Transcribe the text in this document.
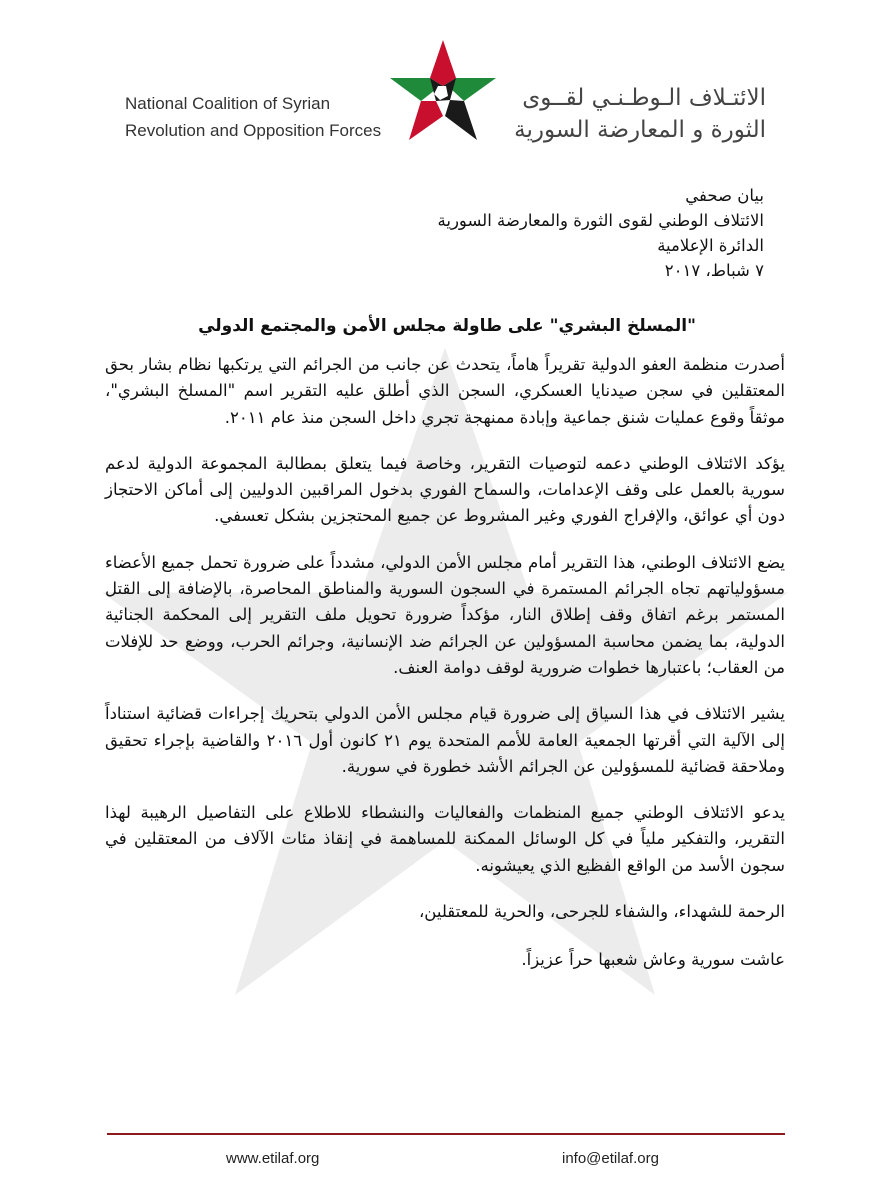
National Coalition of Syrian
Revolution and Opposition Forces
الائتـلاف الـوطـنـي لقــوى
الثورة و المعارضة السورية
بيان صحفي
الائتلاف الوطني لقوى الثورة والمعارضة السورية
الدائرة الإعلامية
٧ شباط، ٢٠١٧
"المسلخ البشري" على طاولة مجلس الأمن والمجتمع الدولي

أصدرت منظمة العفو الدولية تقريراً هاماً، يتحدث عن جانب من الجرائم التي يرتكبها نظام بشار بحق المعتقلين في سجن صيدنايا العسكري، السجن الذي أطلق عليه التقرير اسم "المسلخ البشري"، موثقاً وقوع عمليات شنق جماعية وإبادة ممنهجة تجري داخل السجن منذ عام ٢٠١١.

يؤكد الائتلاف الوطني دعمه لتوصيات التقرير، وخاصة فيما يتعلق بمطالبة المجموعة الدولية لدعم سورية بالعمل على وقف الإعدامات، والسماح الفوري بدخول المراقبين الدوليين إلى أماكن الاحتجاز دون أي عوائق، والإفراج الفوري وغير المشروط عن جميع المحتجزين بشكل تعسفي.

يضع الائتلاف الوطني، هذا التقرير أمام مجلس الأمن الدولي، مشدداً على ضرورة تحمل جميع الأعضاء مسؤولياتهم تجاه الجرائم المستمرة في السجون السورية والمناطق المحاصرة، بالإضافة إلى القتل المستمر برغم اتفاق وقف إطلاق النار، مؤكداً ضرورة تحويل ملف التقرير إلى المحكمة الجنائية الدولية، بما يضمن محاسبة المسؤولين عن الجرائم ضد الإنسانية، وجرائم الحرب، ووضع حد للإفلات من العقاب؛ باعتبارها خطوات ضرورية لوقف دوامة العنف.

يشير الائتلاف في هذا السياق إلى ضرورة قيام مجلس الأمن الدولي بتحريك إجراءات قضائية استناداً إلى الآلية التي أقرتها الجمعية العامة للأمم المتحدة يوم ٢١ كانون أول ٢٠١٦ والقاضية بإجراء تحقيق وملاحقة قضائية للمسؤولين عن الجرائم الأشد خطورة في سورية.

يدعو الائتلاف الوطني جميع المنظمات والفعاليات والنشطاء للاطلاع على التفاصيل الرهيبة لهذا التقرير، والتفكير ملياً في كل الوسائل الممكنة للمساهمة في إنقاذ مئات الآلاف من المعتقلين في سجون الأسد من الواقع الفظيع الذي يعيشونه.

الرحمة للشهداء، والشفاء للجرحى، والحرية للمعتقلين،

عاشت سورية وعاش شعبها حراً عزيزاً.

www.etilaf.org	info@etilaf.org
